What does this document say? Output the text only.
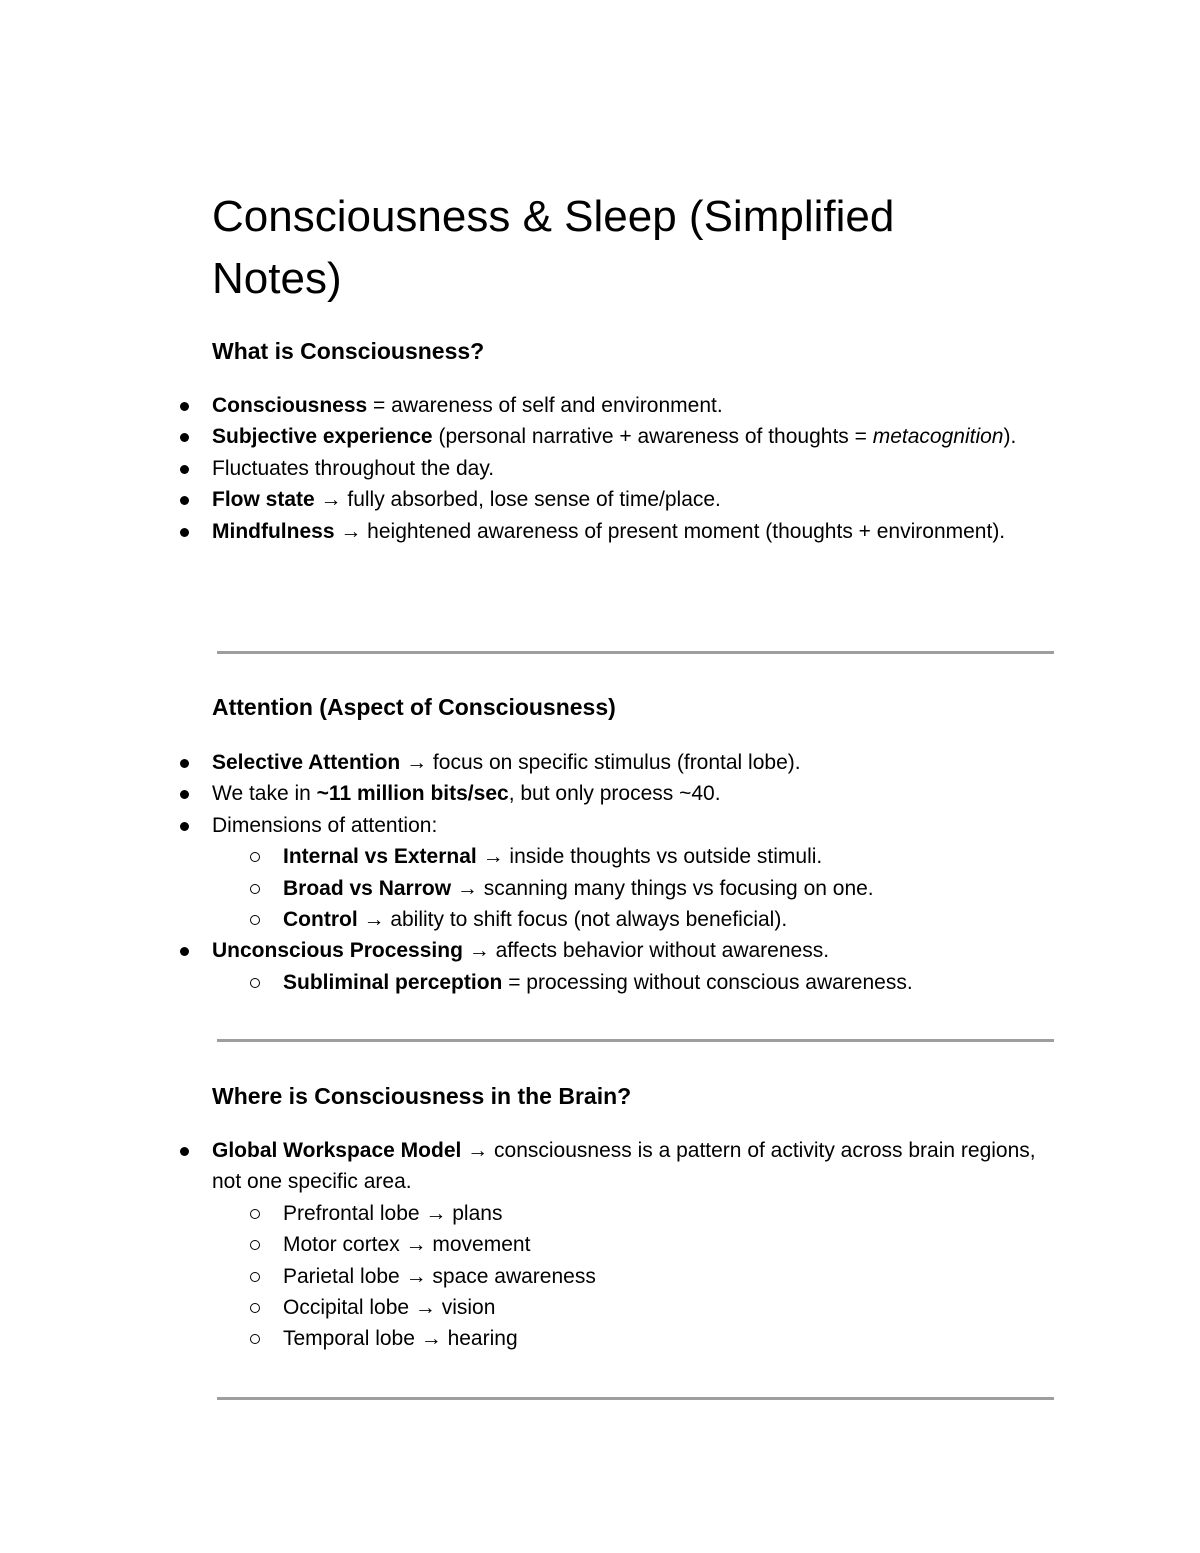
Consciousness & Sleep (Simplified Notes)
What is Consciousness?
Consciousness = awareness of self and environment.
Subjective experience (personal narrative + awareness of thoughts = metacognition).
Fluctuates throughout the day.
Flow state → fully absorbed, lose sense of time/place.
Mindfulness → heightened awareness of present moment (thoughts + environment).
Attention (Aspect of Consciousness)
Selective Attention → focus on specific stimulus (frontal lobe).
We take in ~11 million bits/sec, but only process ~40.
Dimensions of attention:
Internal vs External → inside thoughts vs outside stimuli.
Broad vs Narrow → scanning many things vs focusing on one.
Control → ability to shift focus (not always beneficial).
Unconscious Processing → affects behavior without awareness.
Subliminal perception = processing without conscious awareness.
Where is Consciousness in the Brain?
Global Workspace Model → consciousness is a pattern of activity across brain regions, not one specific area.
Prefrontal lobe → plans
Motor cortex → movement
Parietal lobe → space awareness
Occipital lobe → vision
Temporal lobe → hearing
